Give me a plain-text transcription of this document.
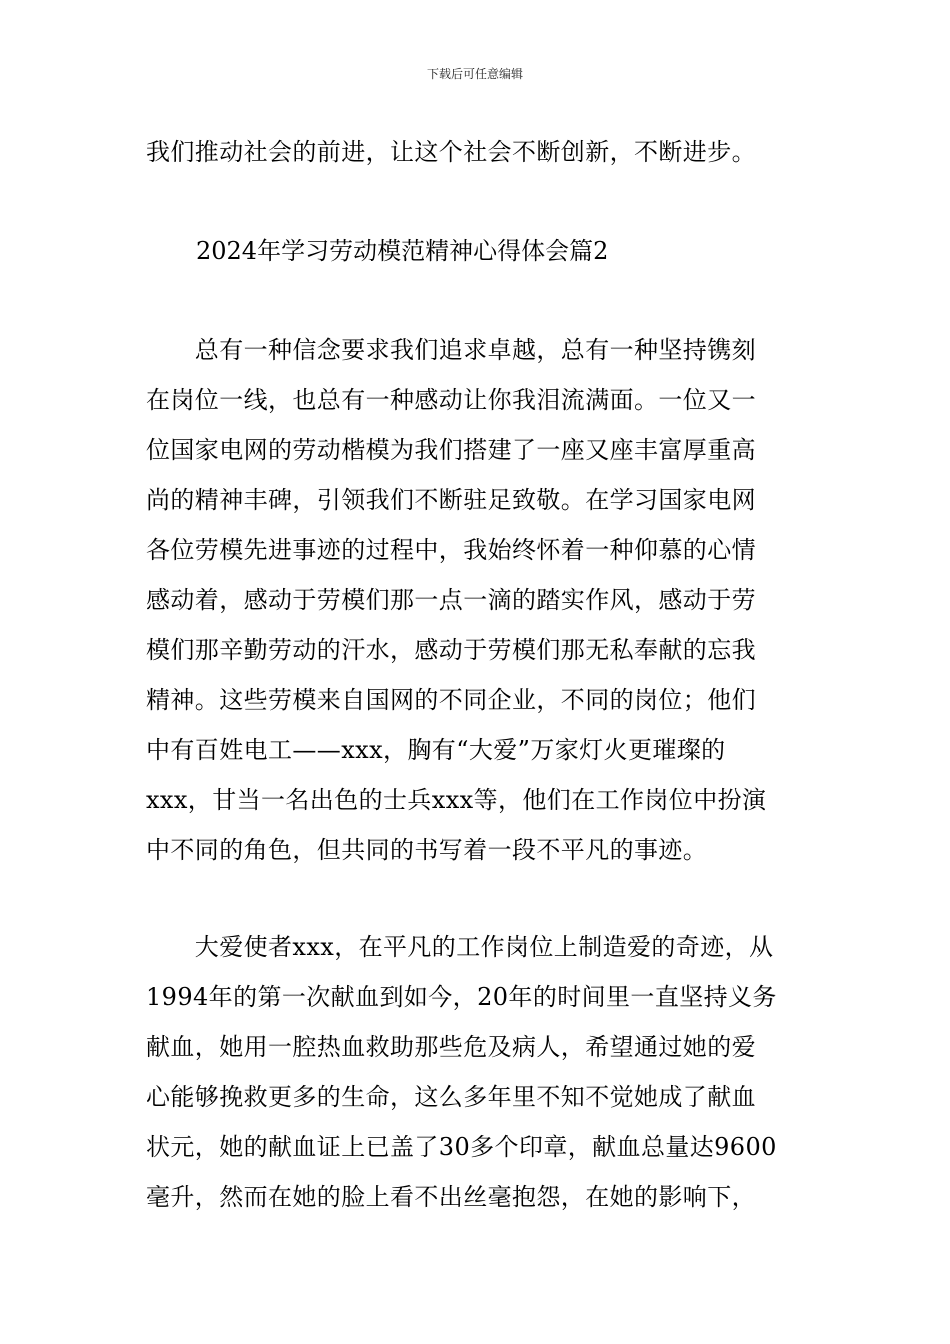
下载后可任意编辑
我们推动社会的前进，让这个社会不断创新，不断进步。
2024年学习劳动模范精神心得体会篇2
　　总有一种信念要求我们追求卓越，总有一种坚持镌刻
在岗位一线，也总有一种感动让你我泪流满面。一位又一
位国家电网的劳动楷模为我们搭建了一座又座丰富厚重高
尚的精神丰碑，引领我们不断驻足致敬。在学习国家电网
各位劳模先进事迹的过程中，我始终怀着一种仰慕的心情
感动着，感动于劳模们那一点一滴的踏实作风，感动于劳
模们那辛勤劳动的汗水，感动于劳模们那无私奉献的忘我
精神。这些劳模来自国网的不同企业，不同的岗位；他们
中有百姓电工——xxx，胸有“大爱”万家灯火更璀璨的
xxx，甘当一名出色的士兵xxx等，他们在工作岗位中扮演
中不同的角色，但共同的书写着一段不平凡的事迹。
　　大爱使者xxx，在平凡的工作岗位上制造爱的奇迹，从
1994年的第一次献血到如今，20年的时间里一直坚持义务
献血，她用一腔热血救助那些危及病人，希望通过她的爱
心能够挽救更多的生命，这么多年里不知不觉她成了献血
状元，她的献血证上已盖了30多个印章，献血总量达9600
毫升，然而在她的脸上看不出丝毫抱怨，在她的影响下，
